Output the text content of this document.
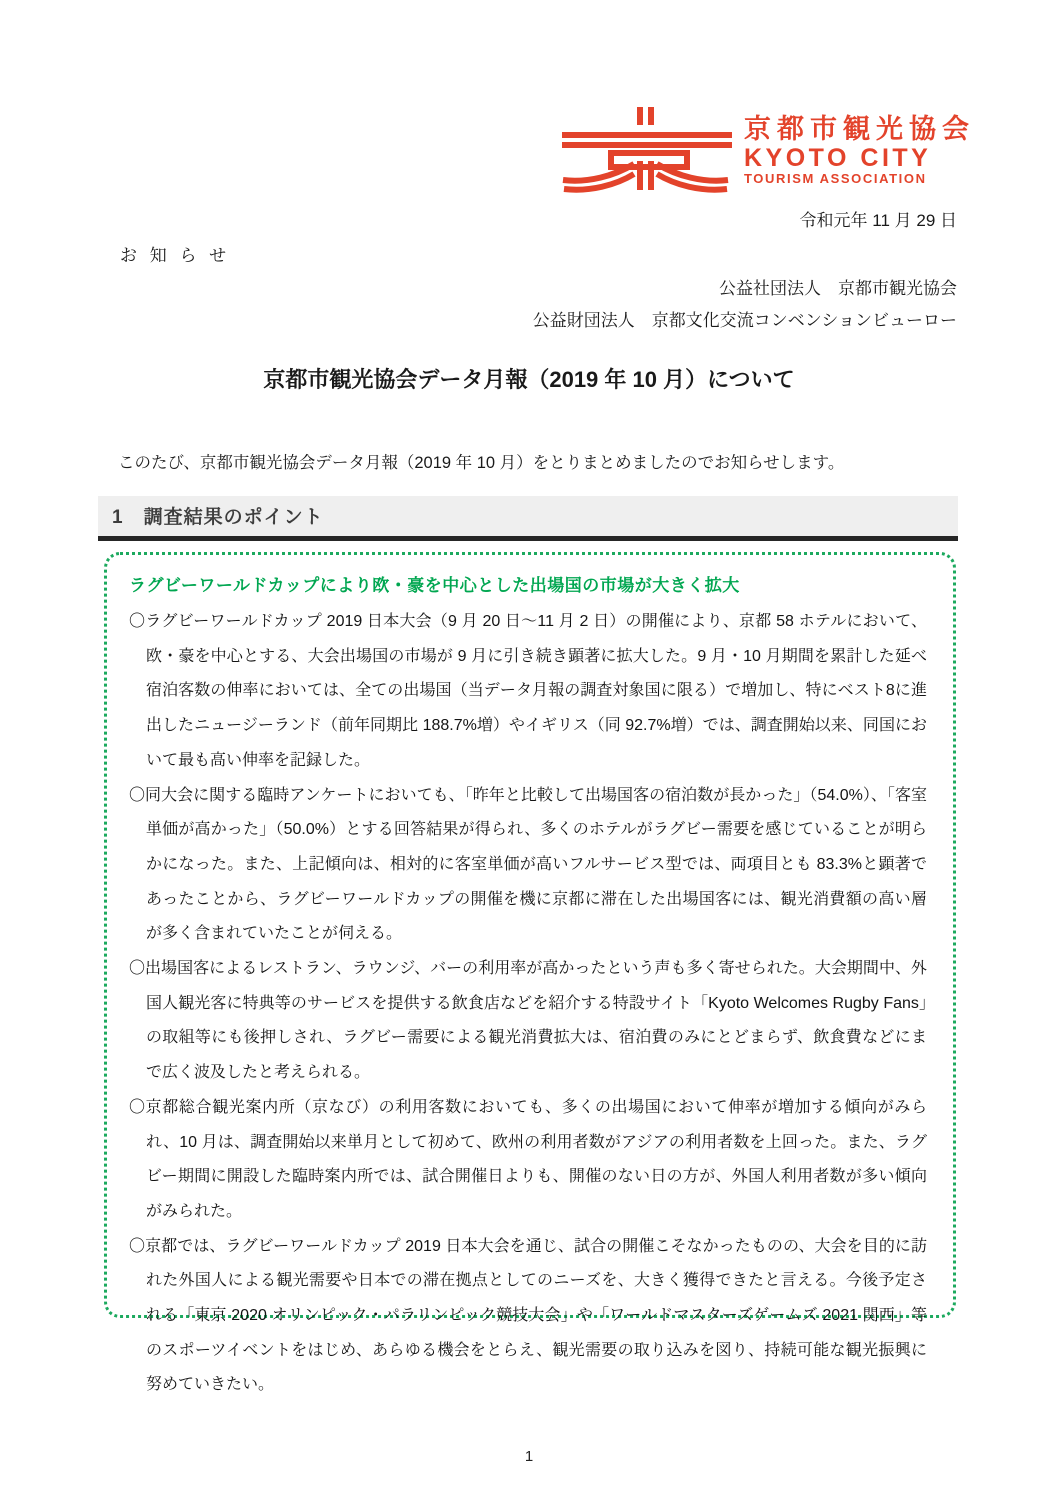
京都市観光協会
KYOTO CITY
TOURISM ASSOCIATION
令和元年 11 月 29 日
お 知 ら せ
公益社団法人　京都市観光協会
公益財団法人　京都文化交流コンベンションビューロー
京都市観光協会データ月報（2019 年 10 月）について

このたび、京都市観光協会データ月報（2019 年 10 月）をとりまとめましたのでお知らせします。

1　調査結果のポイント
ラグビーワールドカップにより欧・豪を中心とした出場国の市場が大きく拡大

〇ラグビーワールドカップ 2019 日本大会（9 月 20 日～11 月 2 日）の開催により、京都 58 ホテルにおいて、欧・豪を中心とする、大会出場国の市場が 9 月に引き続き顕著に拡大した。9 月・10 月期間を累計した延べ宿泊客数の伸率においては、全ての出場国（当データ月報の調査対象国に限る）で増加し、特にベスト8に進出したニュージーランド（前年同期比 188.7%増）やイギリス（同 92.7%増）では、調査開始以来、同国において最も高い伸率を記録した。

〇同大会に関する臨時アンケートにおいても、「昨年と比較して出場国客の宿泊数が長かった」（54.0%）、「客室単価が高かった」（50.0%）とする回答結果が得られ、多くのホテルがラグビー需要を感じていることが明らかになった。また、上記傾向は、相対的に客室単価が高いフルサービス型では、両項目とも 83.3%と顕著であったことから、ラグビーワールドカップの開催を機に京都に滞在した出場国客には、観光消費額の高い層が多く含まれていたことが伺える。

〇出場国客によるレストラン、ラウンジ、バーの利用率が高かったという声も多く寄せられた。大会期間中、外国人観光客に特典等のサービスを提供する飲食店などを紹介する特設サイト「Kyoto Welcomes Rugby Fans」の取組等にも後押しされ、ラグビー需要による観光消費拡大は、宿泊費のみにとどまらず、飲食費などにまで広く波及したと考えられる。

〇京都総合観光案内所（京なび）の利用客数においても、多くの出場国において伸率が増加する傾向がみられ、10 月は、調査開始以来単月として初めて、欧州の利用者数がアジアの利用者数を上回った。また、ラグビー期間に開設した臨時案内所では、試合開催日よりも、開催のない日の方が、外国人利用者数が多い傾向がみられた。

〇京都では、ラグビーワールドカップ 2019 日本大会を通じ、試合の開催こそなかったものの、大会を目的に訪れた外国人による観光需要や日本での滞在拠点としてのニーズを、大きく獲得できたと言える。今後予定される「東京 2020 オリンピック・パラリンピック競技大会」や「ワールドマスターズゲームズ 2021 関西」等のスポーツイベントをはじめ、あらゆる機会をとらえ、観光需要の取り込みを図り、持続可能な観光振興に努めていきたい。

1
